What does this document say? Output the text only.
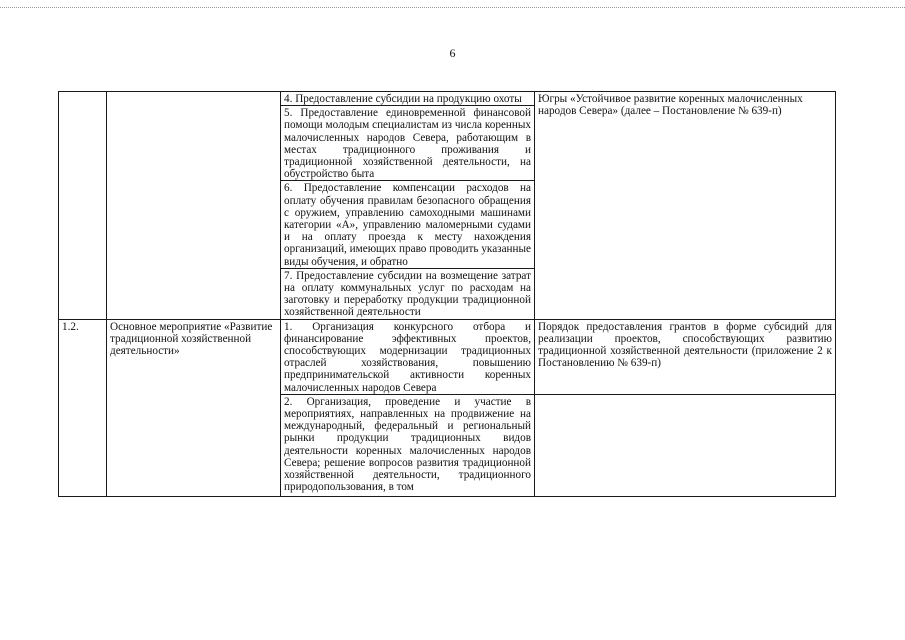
6
		4. Предоставление субсидии на продукцию охоты	Югры «Устойчивое развитие коренных малочисленных народов Севера» (далее – Постановление № 639-п)
		5. Предоставление единовременной финансовой помощи молодым специалистам из числа коренных малочисленных народов Севера, работающим в местах традиционного проживания и традиционной хозяйственной деятельности, на обустройство быта	
		6. Предоставление компенсации расходов на оплату обучения правилам безопасного обращения с оружием, управлению самоходными машинами категории «А», управлению маломерными судами и на оплату проезда к месту нахождения организаций, имеющих право проводить указанные виды обучения, и обратно	
		7. Предоставление субсидии на возмещение затрат на оплату коммунальных услуг по расходам на заготовку и переработку продукции традиционной хозяйственной деятельности	
1.2.	Основное мероприятие «Развитие традиционной хозяйственной деятельности»	1. Организация конкурсного отбора и финансирование эффективных проектов, способствующих модернизации традиционных отраслей хозяйствования, повышению предпринимательской активности коренных малочисленных народов Севера	Порядок предоставления грантов в форме субсидий для реализации проектов, способствующих развитию традиционной хозяйственной деятельности (приложение 2 к Постановлению № 639-п)
		2. Организация, проведение и участие в мероприятиях, направленных на продвижение на международный, федеральный и региональный рынки продукции традиционных видов деятельности коренных малочисленных народов Севера; решение вопросов развития традиционной хозяйственной деятельности, традиционного природопользования, в том	
